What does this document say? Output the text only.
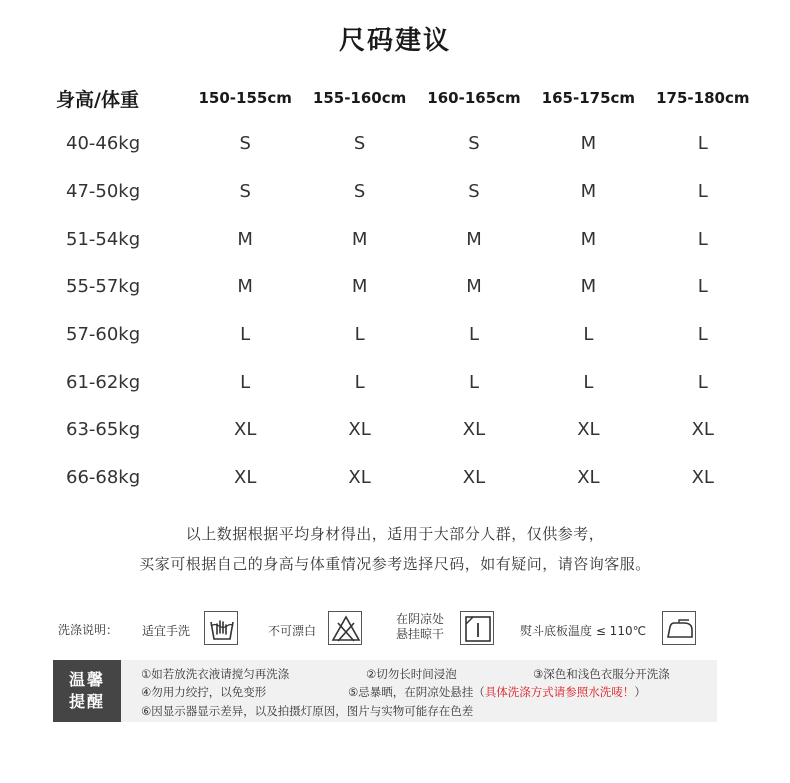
尺码建议
身高/体重	150-155cm	155-160cm	160-165cm	165-175cm	175-180cm
40-46kg	S	S	S	M	L
47-50kg	S	S	S	M	L
51-54kg	M	M	M	M	L
55-57kg	M	M	M	M	L
57-60kg	L	L	L	L	L
61-62kg	L	L	L	L	L
63-65kg	XL	XL	XL	XL	XL
66-68kg	XL	XL	XL	XL	XL
以上数据根据平均身材得出，适用于大部分人群，仅供参考，
买家可根据自己的身高与体重情况参考选择尺码，如有疑问，请咨询客服。
洗涤说明： 适宜手洗	不可漂白
在阴凉处
悬挂晾干	熨斗底板温度 ≤ 110℃
温馨
提醒
①如若放洗衣液请搅匀再洗涤	②切勿长时间浸泡	③深色和浅色衣服分开洗涤
④勿用力绞拧，以免变形	⑤忌暴晒，在阴凉处悬挂（具体洗涤方式请参照水洗唛！）
⑥因显示器显示差异，以及拍摄灯原因，图片与实物可能存在色差
